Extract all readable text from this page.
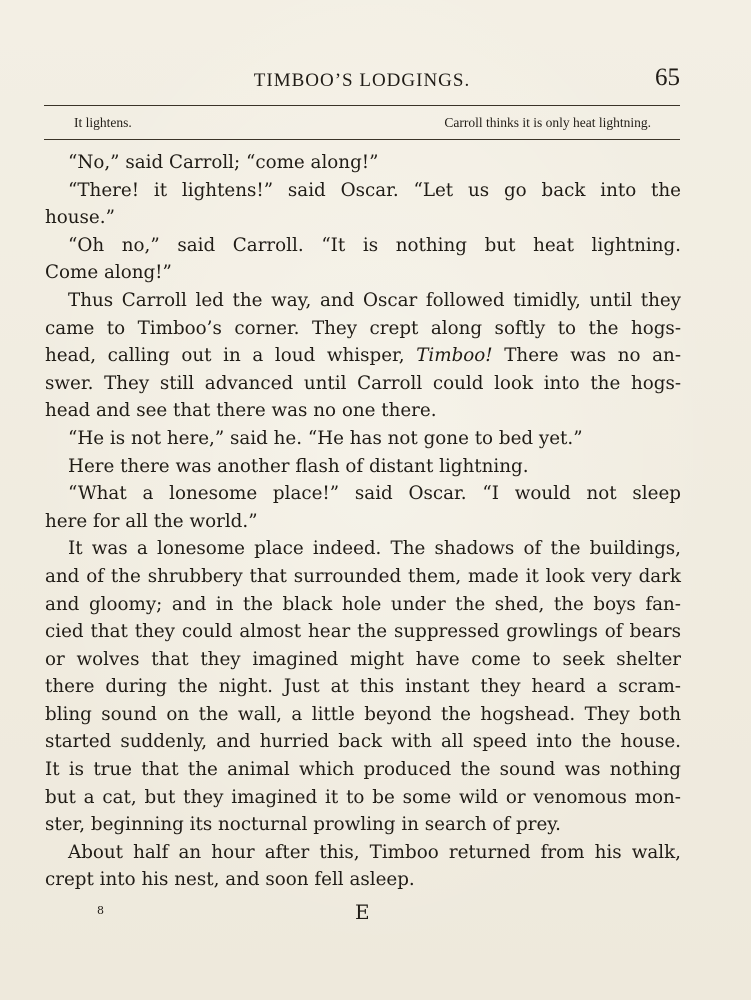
TIMBOO’S LODGINGS.	65
It lightens.	Carroll thinks it is only heat lightning.
“No,” said Carroll; “come along!”
“There! it lightens!” said Oscar. “Let us go back into the
house.”
“Oh no,” said Carroll. “It is nothing but heat lightning.
Come along!”
Thus Carroll led the way, and Oscar followed timidly, until they
came to Timboo’s corner. They crept along softly to the hogs-
head, calling out in a loud whisper, Timboo! There was no an-
swer. They still advanced until Carroll could look into the hogs-
head and see that there was no one there.
“He is not here,” said he. “He has not gone to bed yet.”
Here there was another flash of distant lightning.
“What a lonesome place!” said Oscar. “I would not sleep
here for all the world.”
It was a lonesome place indeed. The shadows of the buildings,
and of the shrubbery that surrounded them, made it look very dark
and gloomy; and in the black hole under the shed, the boys fan-
cied that they could almost hear the suppressed growlings of bears
or wolves that they imagined might have come to seek shelter
there during the night. Just at this instant they heard a scram-
bling sound on the wall, a little beyond the hogshead. They both
started suddenly, and hurried back with all speed into the house.
It is true that the animal which produced the sound was nothing
but a cat, but they imagined it to be some wild or venomous mon-
ster, beginning its nocturnal prowling in search of prey.
About half an hour after this, Timboo returned from his walk,
crept into his nest, and soon fell asleep.
8	E
